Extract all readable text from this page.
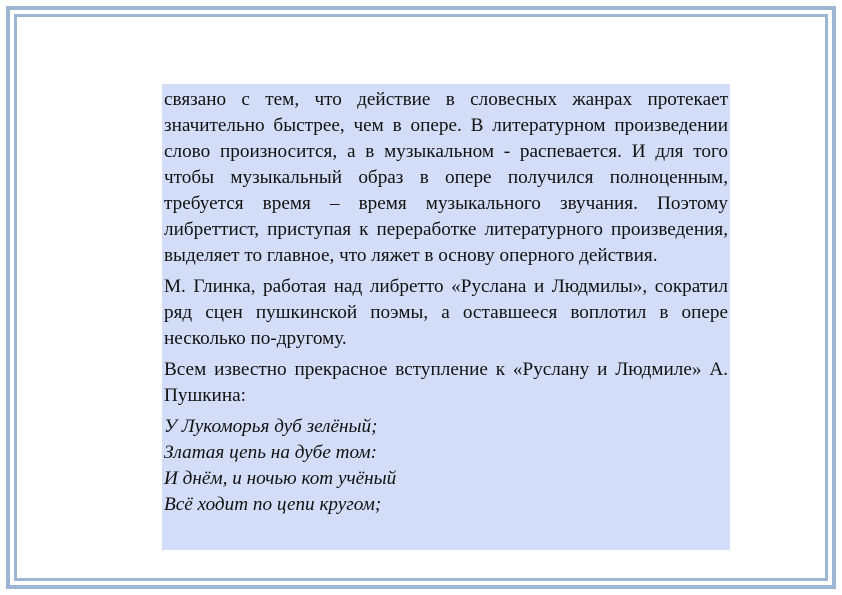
связано с тем, что действие в словесных жанрах протекает значительно быстрее, чем в опере. В литературном произведении слово произносится, а в музыкальном - распевается. И для того чтобы музыкальный образ в опере получился полноценным, требуется время – время музыкального звучания. Поэтому либреттист, приступая к переработке литературного произведения, выделяет то главное, что ляжет в основу оперного действия.

М. Глинка, работая над либретто «Руслана и Людмилы», сократил ряд сцен пушкинской поэмы, а оставшееся воплотил в опере несколько по-другому.

Всем известно прекрасное вступление к «Руслану и Людмиле» А. Пушкина:

У Лукоморья дуб зелёный;
Златая цепь на дубе том:
И днём, и ночью кот учёный
Всё ходит по цепи кругом;
